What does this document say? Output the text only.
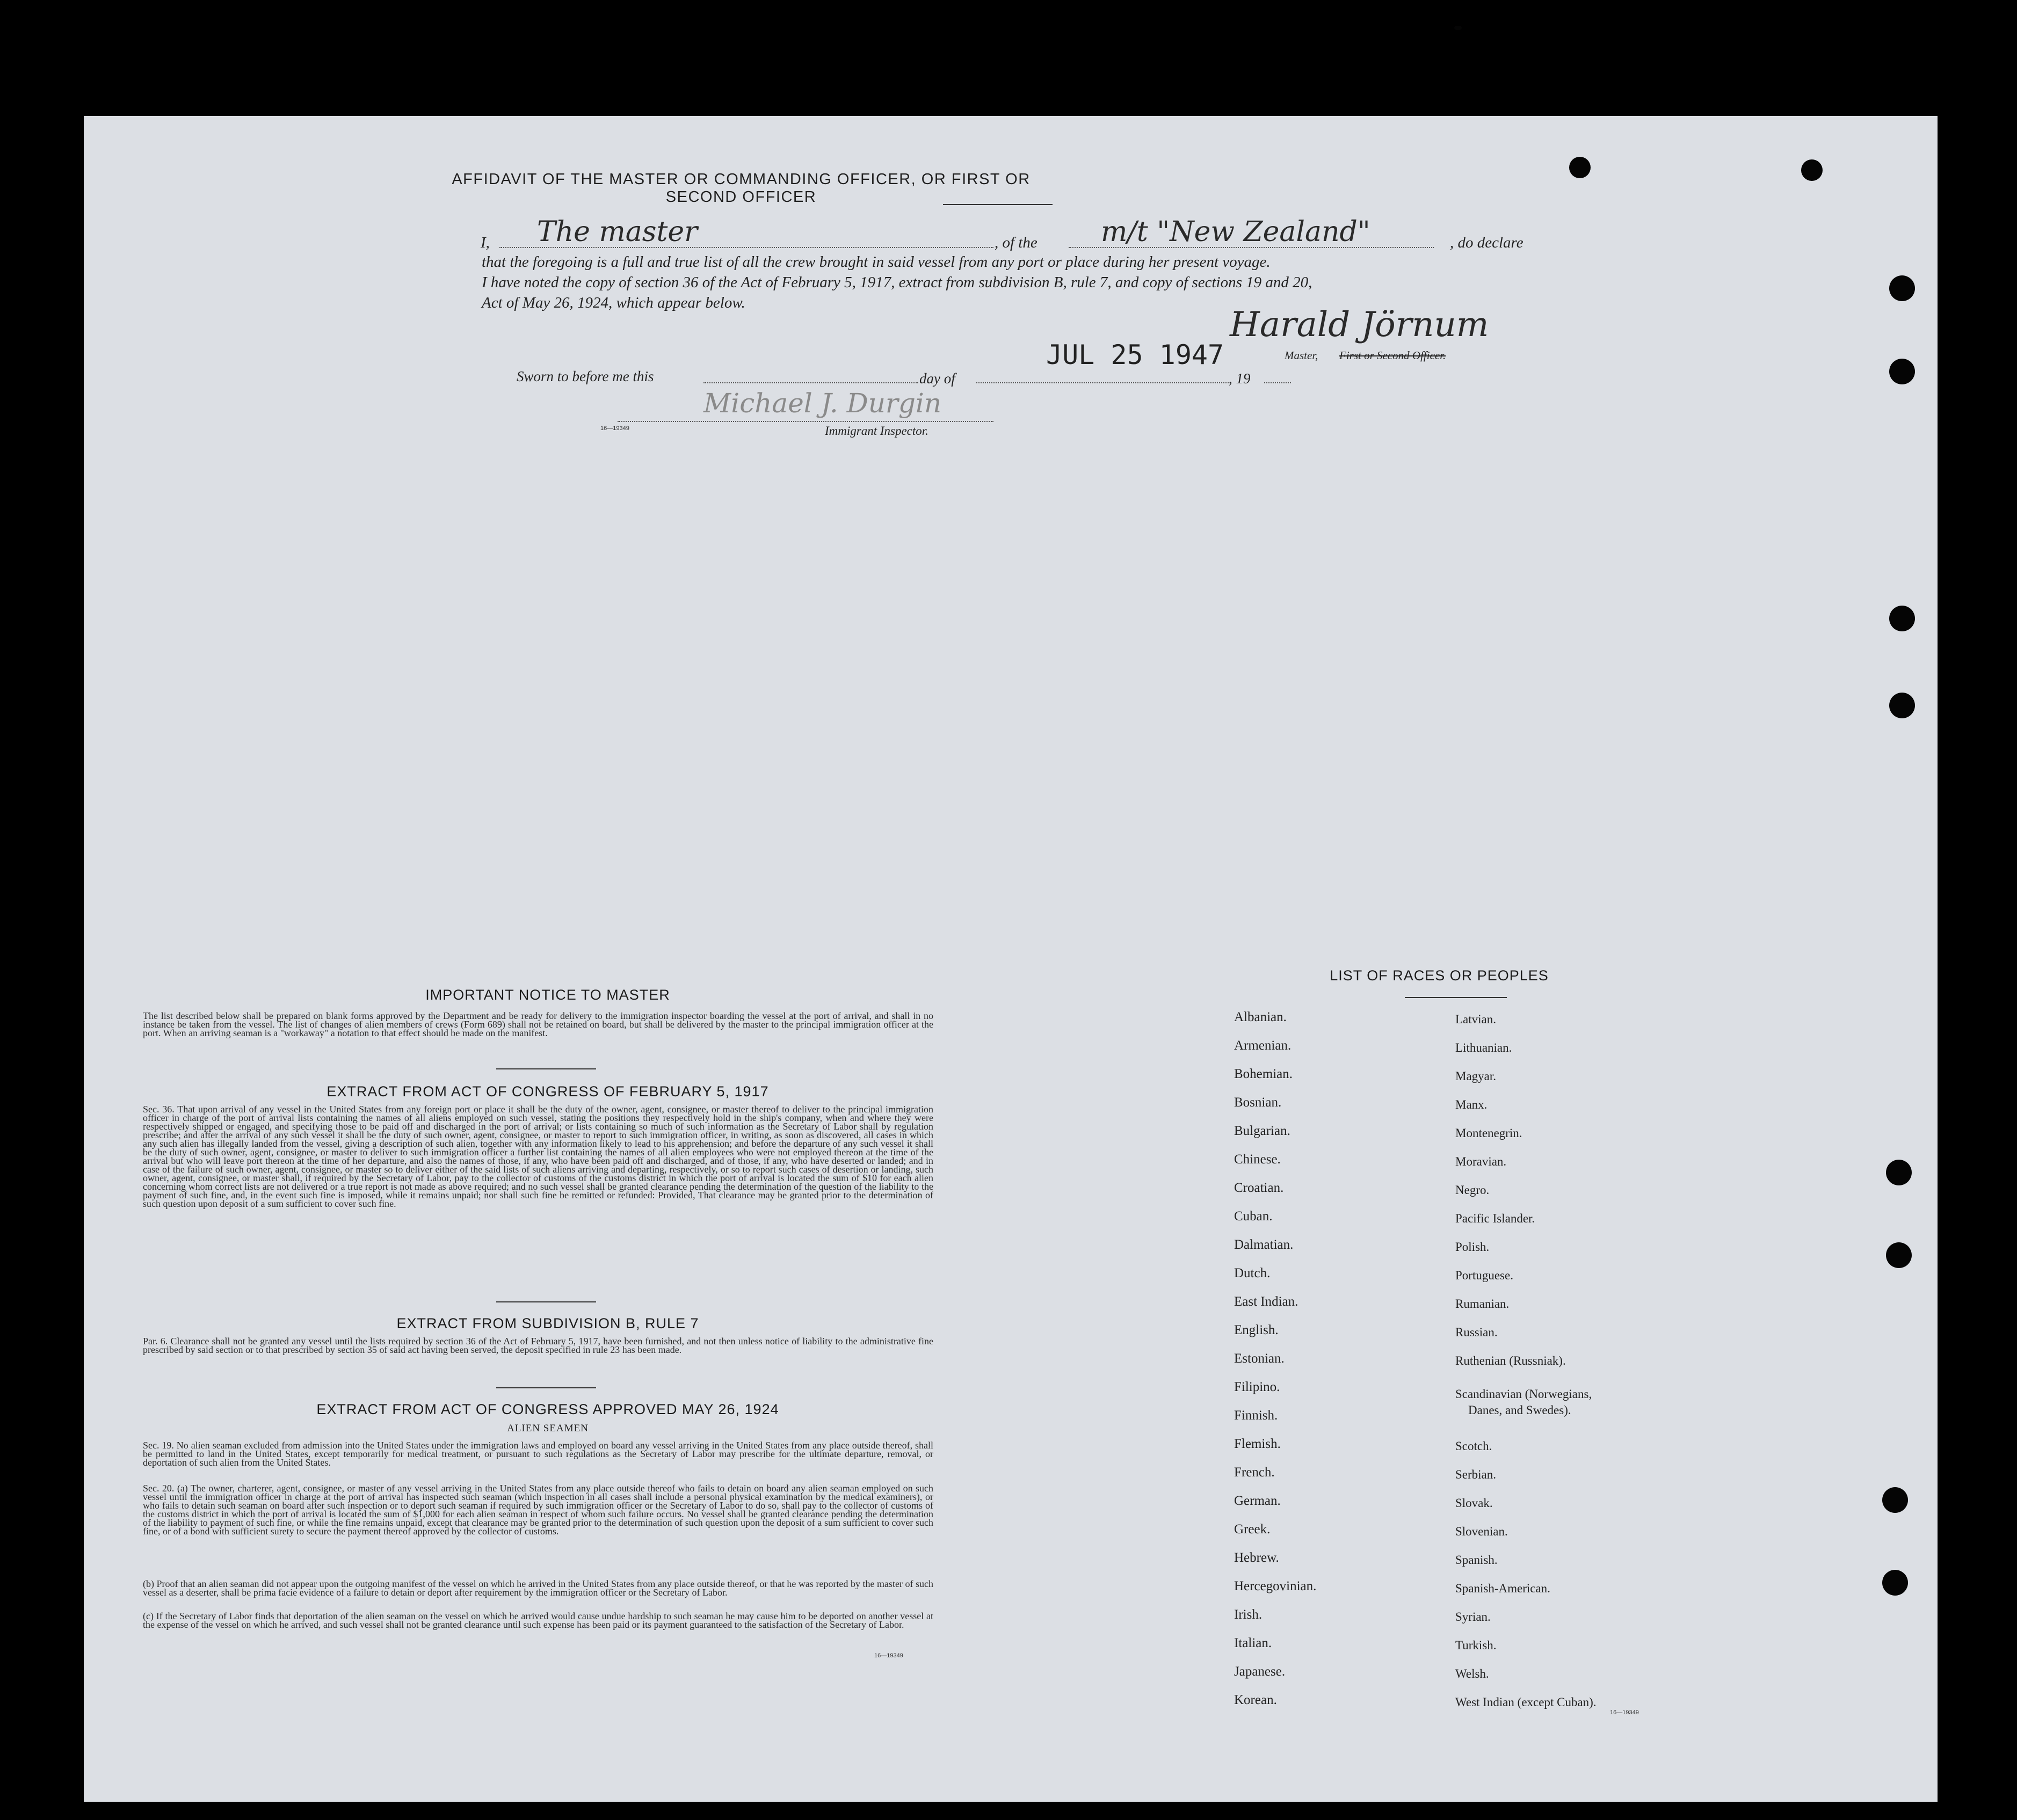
AFFIDAVIT OF THE MASTER OR COMMANDING OFFICER, OR FIRST OR SECOND OFFICER
I, The master	, of the m/t "New Zealand"	, do declare
that the foregoing is a full and true list of all the crew brought in said vessel from any port or place during her present voyage.
I have noted the copy of section 36 of the Act of February 5, 1917, extract from subdivision B, rule 7, and copy of sections 19 and 20,
Act of May 26, 1924, which appear below.
Harald Jörnum
JUL 25 1947	Master, First or Second Officer.
Sworn to before me this	day of	, 19
Michael J. Durgin
Immigrant Inspector.
16—19349
IMPORTANT NOTICE TO MASTER
The list described below shall be prepared on blank forms approved by the Department and be ready for delivery to the immigration inspector boarding the vessel at the port of arrival, and shall in no instance be taken from the vessel. The list of changes of alien members of crews (Form 689) shall not be retained on board, but shall be delivered by the master to the principal immigration officer at the port. When an arriving seaman is a "workaway" a notation to that effect should be made on the manifest.
EXTRACT FROM ACT OF CONGRESS OF FEBRUARY 5, 1917
Sec. 36. That upon arrival of any vessel in the United States from any foreign port or place it shall be the duty of the owner, agent, consignee, or master thereof to deliver to the principal immigration officer in charge of the port of arrival lists containing the names of all aliens employed on such vessel, stating the positions they respectively hold in the ship's company, when and where they were respectively shipped or engaged, and specifying those to be paid off and discharged in the port of arrival; or lists containing so much of such information as the Secretary of Labor shall by regulation prescribe; and after the arrival of any such vessel it shall be the duty of such owner, agent, consignee, or master to report to such immigration officer, in writing, as soon as discovered, all cases in which any such alien has illegally landed from the vessel, giving a description of such alien, together with any information likely to lead to his apprehension; and before the departure of any such vessel it shall be the duty of such owner, agent, consignee, or master to deliver to such immigration officer a further list containing the names of all alien employees who were not employed thereon at the time of the arrival but who will leave port thereon at the time of her departure, and also the names of those, if any, who have been paid off and discharged, and of those, if any, who have deserted or landed; and in case of the failure of such owner, agent, consignee, or master so to deliver either of the said lists of such aliens arriving and departing, respectively, or so to report such cases of desertion or landing, such owner, agent, consignee, or master shall, if required by the Secretary of Labor, pay to the collector of customs of the customs district in which the port of arrival is located the sum of $10 for each alien concerning whom correct lists are not delivered or a true report is not made as above required; and no such vessel shall be granted clearance pending the determination of the question of the liability to the payment of such fine, and, in the event such fine is imposed, while it remains unpaid; nor shall such fine be remitted or refunded: Provided, That clearance may be granted prior to the determination of such question upon deposit of a sum sufficient to cover such fine.
EXTRACT FROM SUBDIVISION B, RULE 7
Par. 6. Clearance shall not be granted any vessel until the lists required by section 36 of the Act of February 5, 1917, have been furnished, and not then unless notice of liability to the administrative fine prescribed by said section or to that prescribed by section 35 of said act having been served, the deposit specified in rule 23 has been made.
EXTRACT FROM ACT OF CONGRESS APPROVED MAY 26, 1924
ALIEN SEAMEN
Sec. 19. No alien seaman excluded from admission into the United States under the immigration laws and employed on board any vessel arriving in the United States from any place outside thereof, shall be permitted to land in the United States, except temporarily for medical treatment, or pursuant to such regulations as the Secretary of Labor may prescribe for the ultimate departure, removal, or deportation of such alien from the United States.
Sec. 20. (a) The owner, charterer, agent, consignee, or master of any vessel arriving in the United States from any place outside thereof who fails to detain on board any alien seaman employed on such vessel until the immigration officer in charge at the port of arrival has inspected such seaman (which inspection in all cases shall include a personal physical examination by the medical examiners), or who fails to detain such seaman on board after such inspection or to deport such seaman if required by such immigration officer or the Secretary of Labor to do so, shall pay to the collector of customs of the customs district in which the port of arrival is located the sum of $1,000 for each alien seaman in respect of whom such failure occurs. No vessel shall be granted clearance pending the determination of the liability to payment of such fine, or while the fine remains unpaid, except that clearance may be granted prior to the determination of such question upon the deposit of a sum sufficient to cover such fine, or of a bond with sufficient surety to secure the payment thereof approved by the collector of customs.
(b) Proof that an alien seaman did not appear upon the outgoing manifest of the vessel on which he arrived in the United States from any place outside thereof, or that he was reported by the master of such vessel as a deserter, shall be prima facie evidence of a failure to detain or deport after requirement by the immigration officer or the Secretary of Labor.
(c) If the Secretary of Labor finds that deportation of the alien seaman on the vessel on which he arrived would cause undue hardship to such seaman he may cause him to be deported on another vessel at the expense of the vessel on which he arrived, and such vessel shall not be granted clearance until such expense has been paid or its payment guaranteed to the satisfaction of the Secretary of Labor.
16—19349
LIST OF RACES OR PEOPLES
Albanian.
Armenian.
Bohemian.
Bosnian.
Bulgarian.
Chinese.
Croatian.
Cuban.
Dalmatian.
Dutch.
East Indian.
English.
Estonian.
Filipino.
Finnish.
Flemish.
French.
German.
Greek.
Hebrew.
Hercegovinian.
Irish.
Italian.
Japanese.
Korean.
Latvian.
Lithuanian.
Magyar.
Manx.
Montenegrin.
Moravian.
Negro.
Pacific Islander.
Polish.
Portuguese.
Rumanian.
Russian.
Ruthenian (Russniak).
Scandinavian (Norwegians,
Danes, and Swedes).
Scotch.
Serbian.
Slovak.
Slovenian.
Spanish.
Spanish-American.
Syrian.
Turkish.
Welsh.
West Indian (except Cuban).
16—19349
